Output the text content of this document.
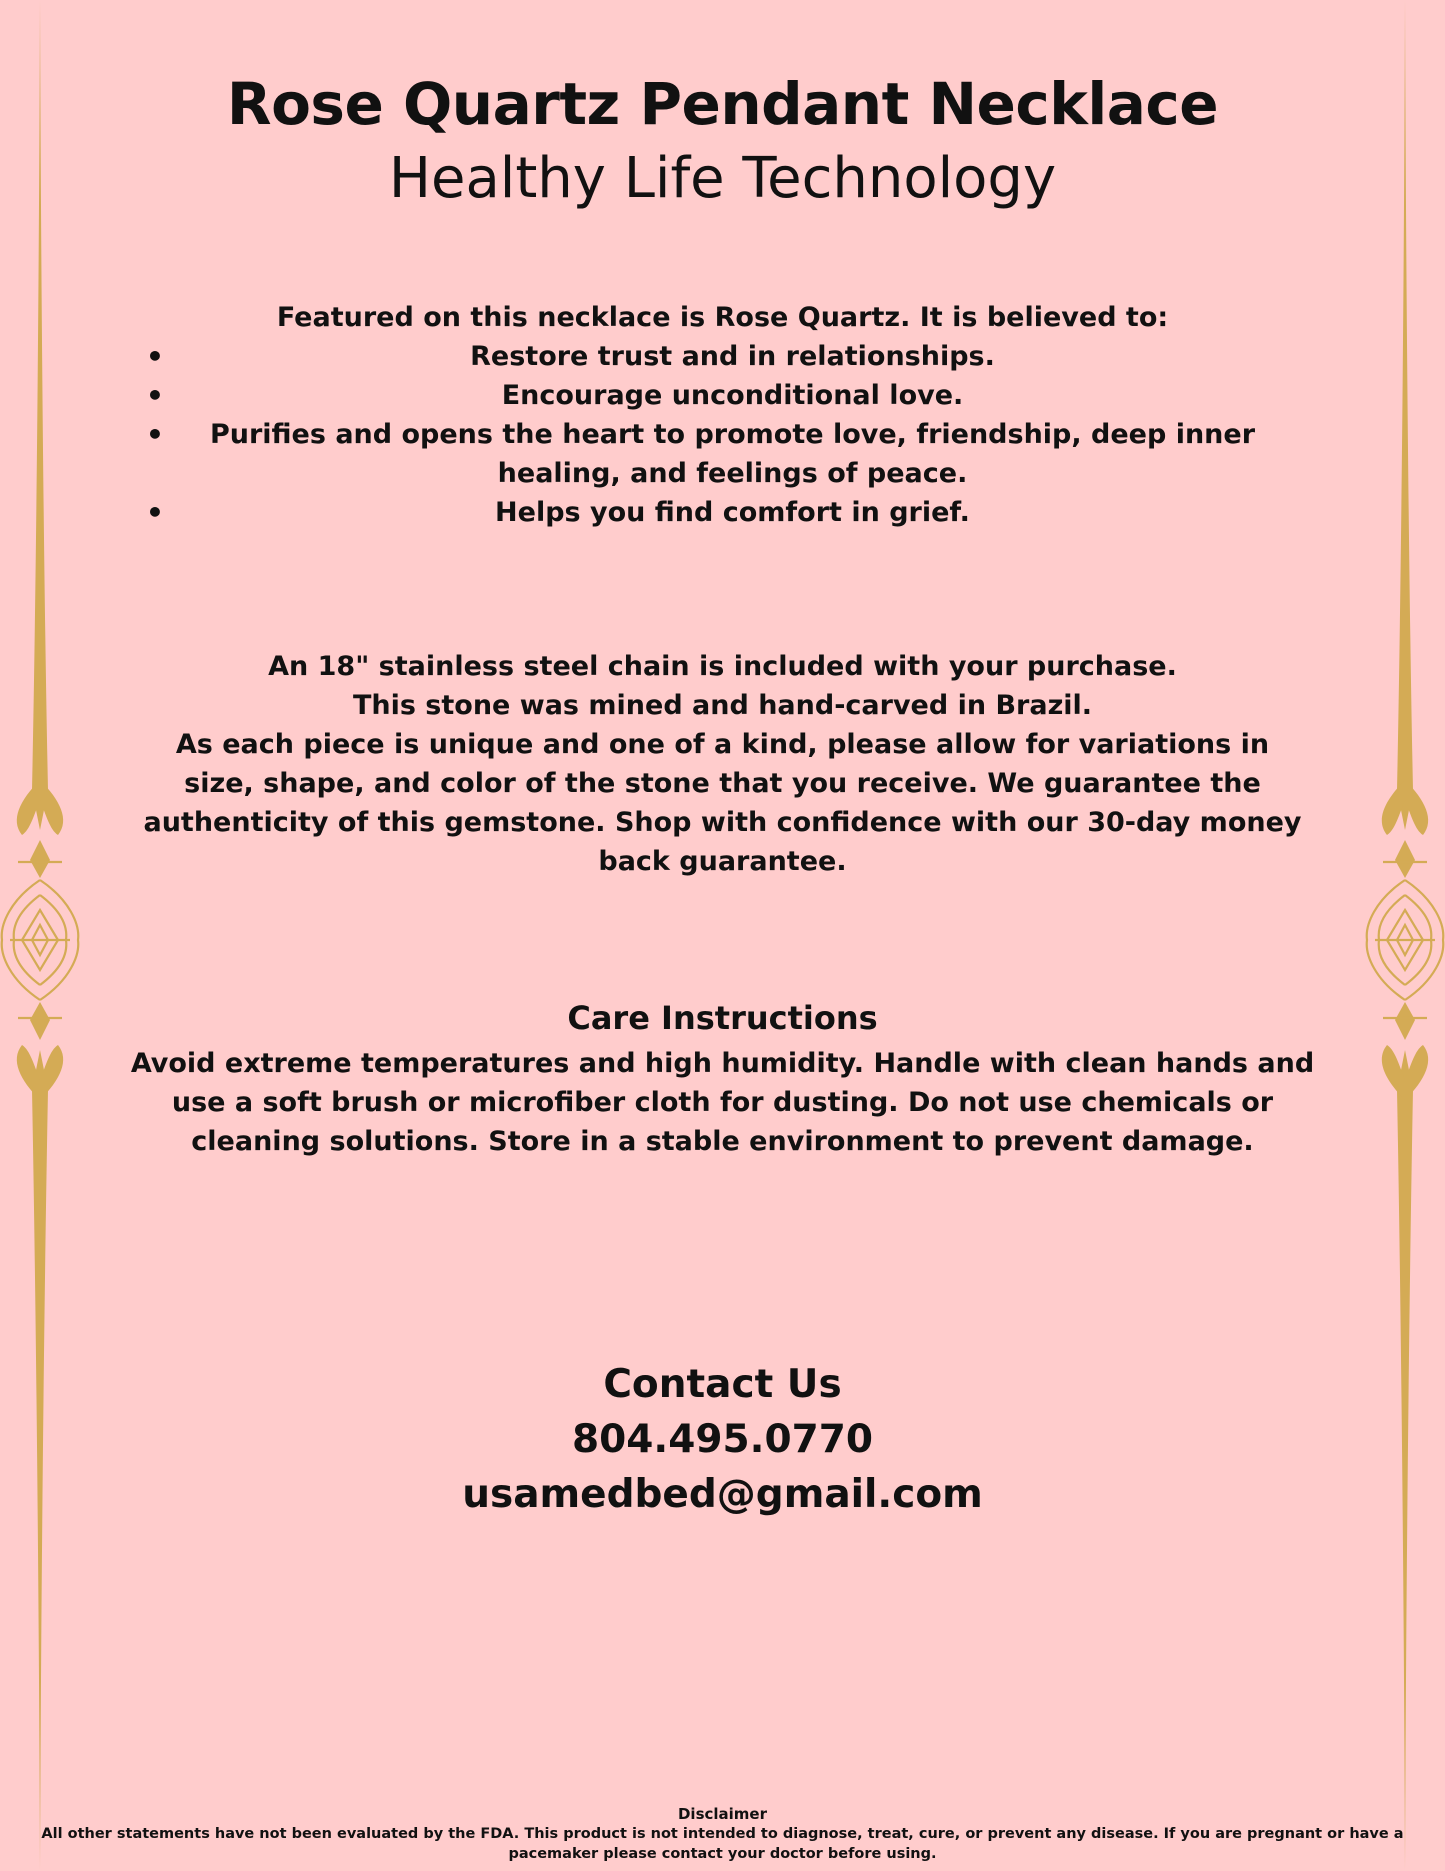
Rose Quartz Pendant Necklace
Healthy Life Technology

Featured on this necklace is Rose Quartz. It is believed to:

•	Restore trust and in relationships.
•	Encourage unconditional love.
• Purifies and opens the heart to promote love, friendship, deep inner healing, and feelings of peace.
•	Helps you find comfort in grief.

An 18" stainless steel chain is included with your purchase.

This stone was mined and hand-carved in Brazil.

As each piece is unique and one of a kind, please allow for variations in size, shape, and color of the stone that you receive. We guarantee the authenticity of this gemstone. Shop with confidence with our 30-day money back guarantee.

Care Instructions

Avoid extreme temperatures and high humidity. Handle with clean hands and use a soft brush or microfiber cloth for dusting. Do not use chemicals or cleaning solutions. Store in a stable environment to prevent damage.

Contact Us
804.495.0770
usamedbed@gmail.com
Disclaimer
All other statements have not been evaluated by the FDA. This product is not intended to diagnose, treat, cure, or prevent any disease. If you are pregnant or have a pacemaker please contact your doctor before using.
